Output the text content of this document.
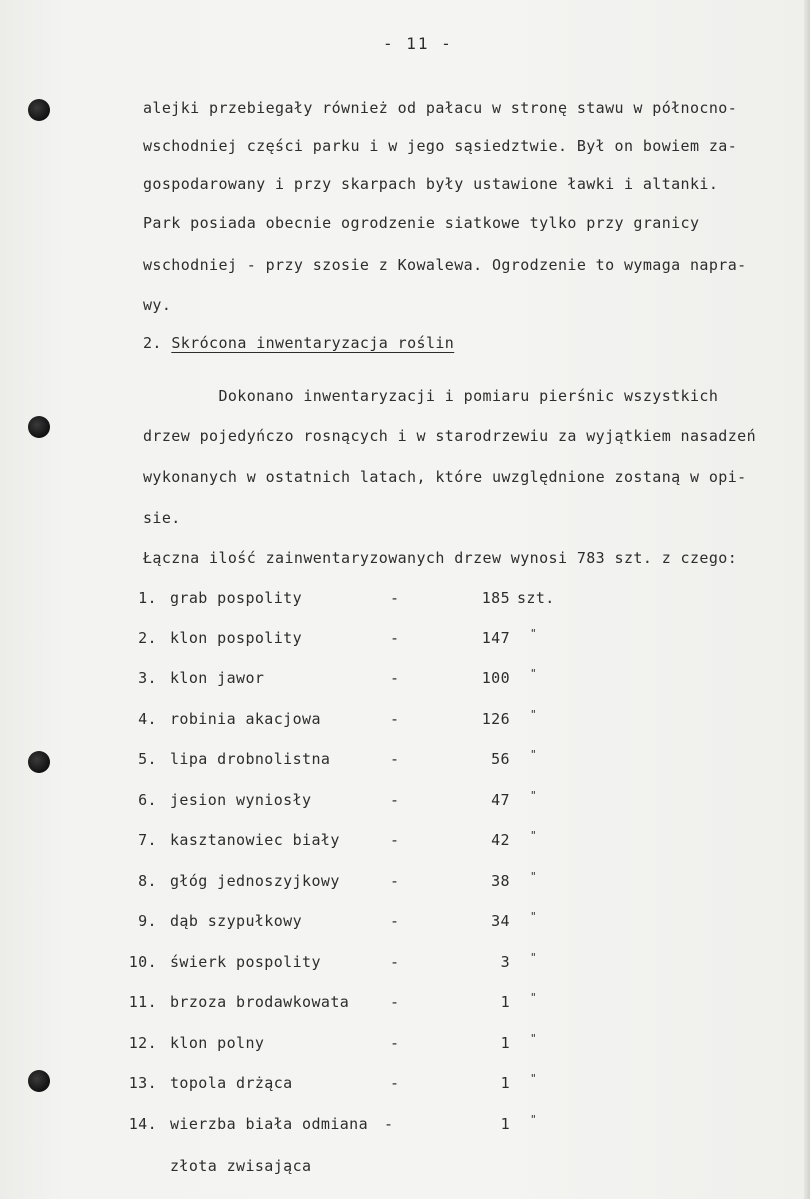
- 11 -
alejki przebiegały również od pałacu w stronę stawu w północno-
wschodniej części parku i w jego sąsiedztwie. Był on bowiem za-
gospodarowany i przy skarpach były ustawione ławki i altanki.
Park posiada obecnie ogrodzenie siatkowe tylko przy granicy
wschodniej - przy szosie z Kowalewa. Ogrodzenie to wymaga napra-
wy.
2. Skrócona inwentaryzacja roślin
Dokonano inwentaryzacji i pomiaru pierśnic wszystkich
drzew pojedyńczo rosnących i w starodrzewiu za wyjątkiem nasadzeń
wykonanych w ostatnich latach, które uwzględnione zostaną w opi-
sie.
Łączna ilość zainwentaryzowanych drzew wynosi 783 szt. z czego:
1. grab pospolity	-	185 szt.
2. klon pospolity	-	147 "
3. klon jawor	-	100 "
4. robinia akacjowa	-	126 "
5. lipa drobnolistna	-	56 "
6. jesion wyniosły	-	47 "
7. kasztanowiec biały	-	42 "
8. głóg jednoszyjkowy	-	38 "
9. dąb szypułkowy	-	34 "
10. świerk pospolity	-	3 "
11. brzoza brodawkowata	-	1 "
12. klon polny	-	1 "
13. topola drżąca	-	1 "
14. wierzba biała odmiana -	1 "
złota zwisająca
